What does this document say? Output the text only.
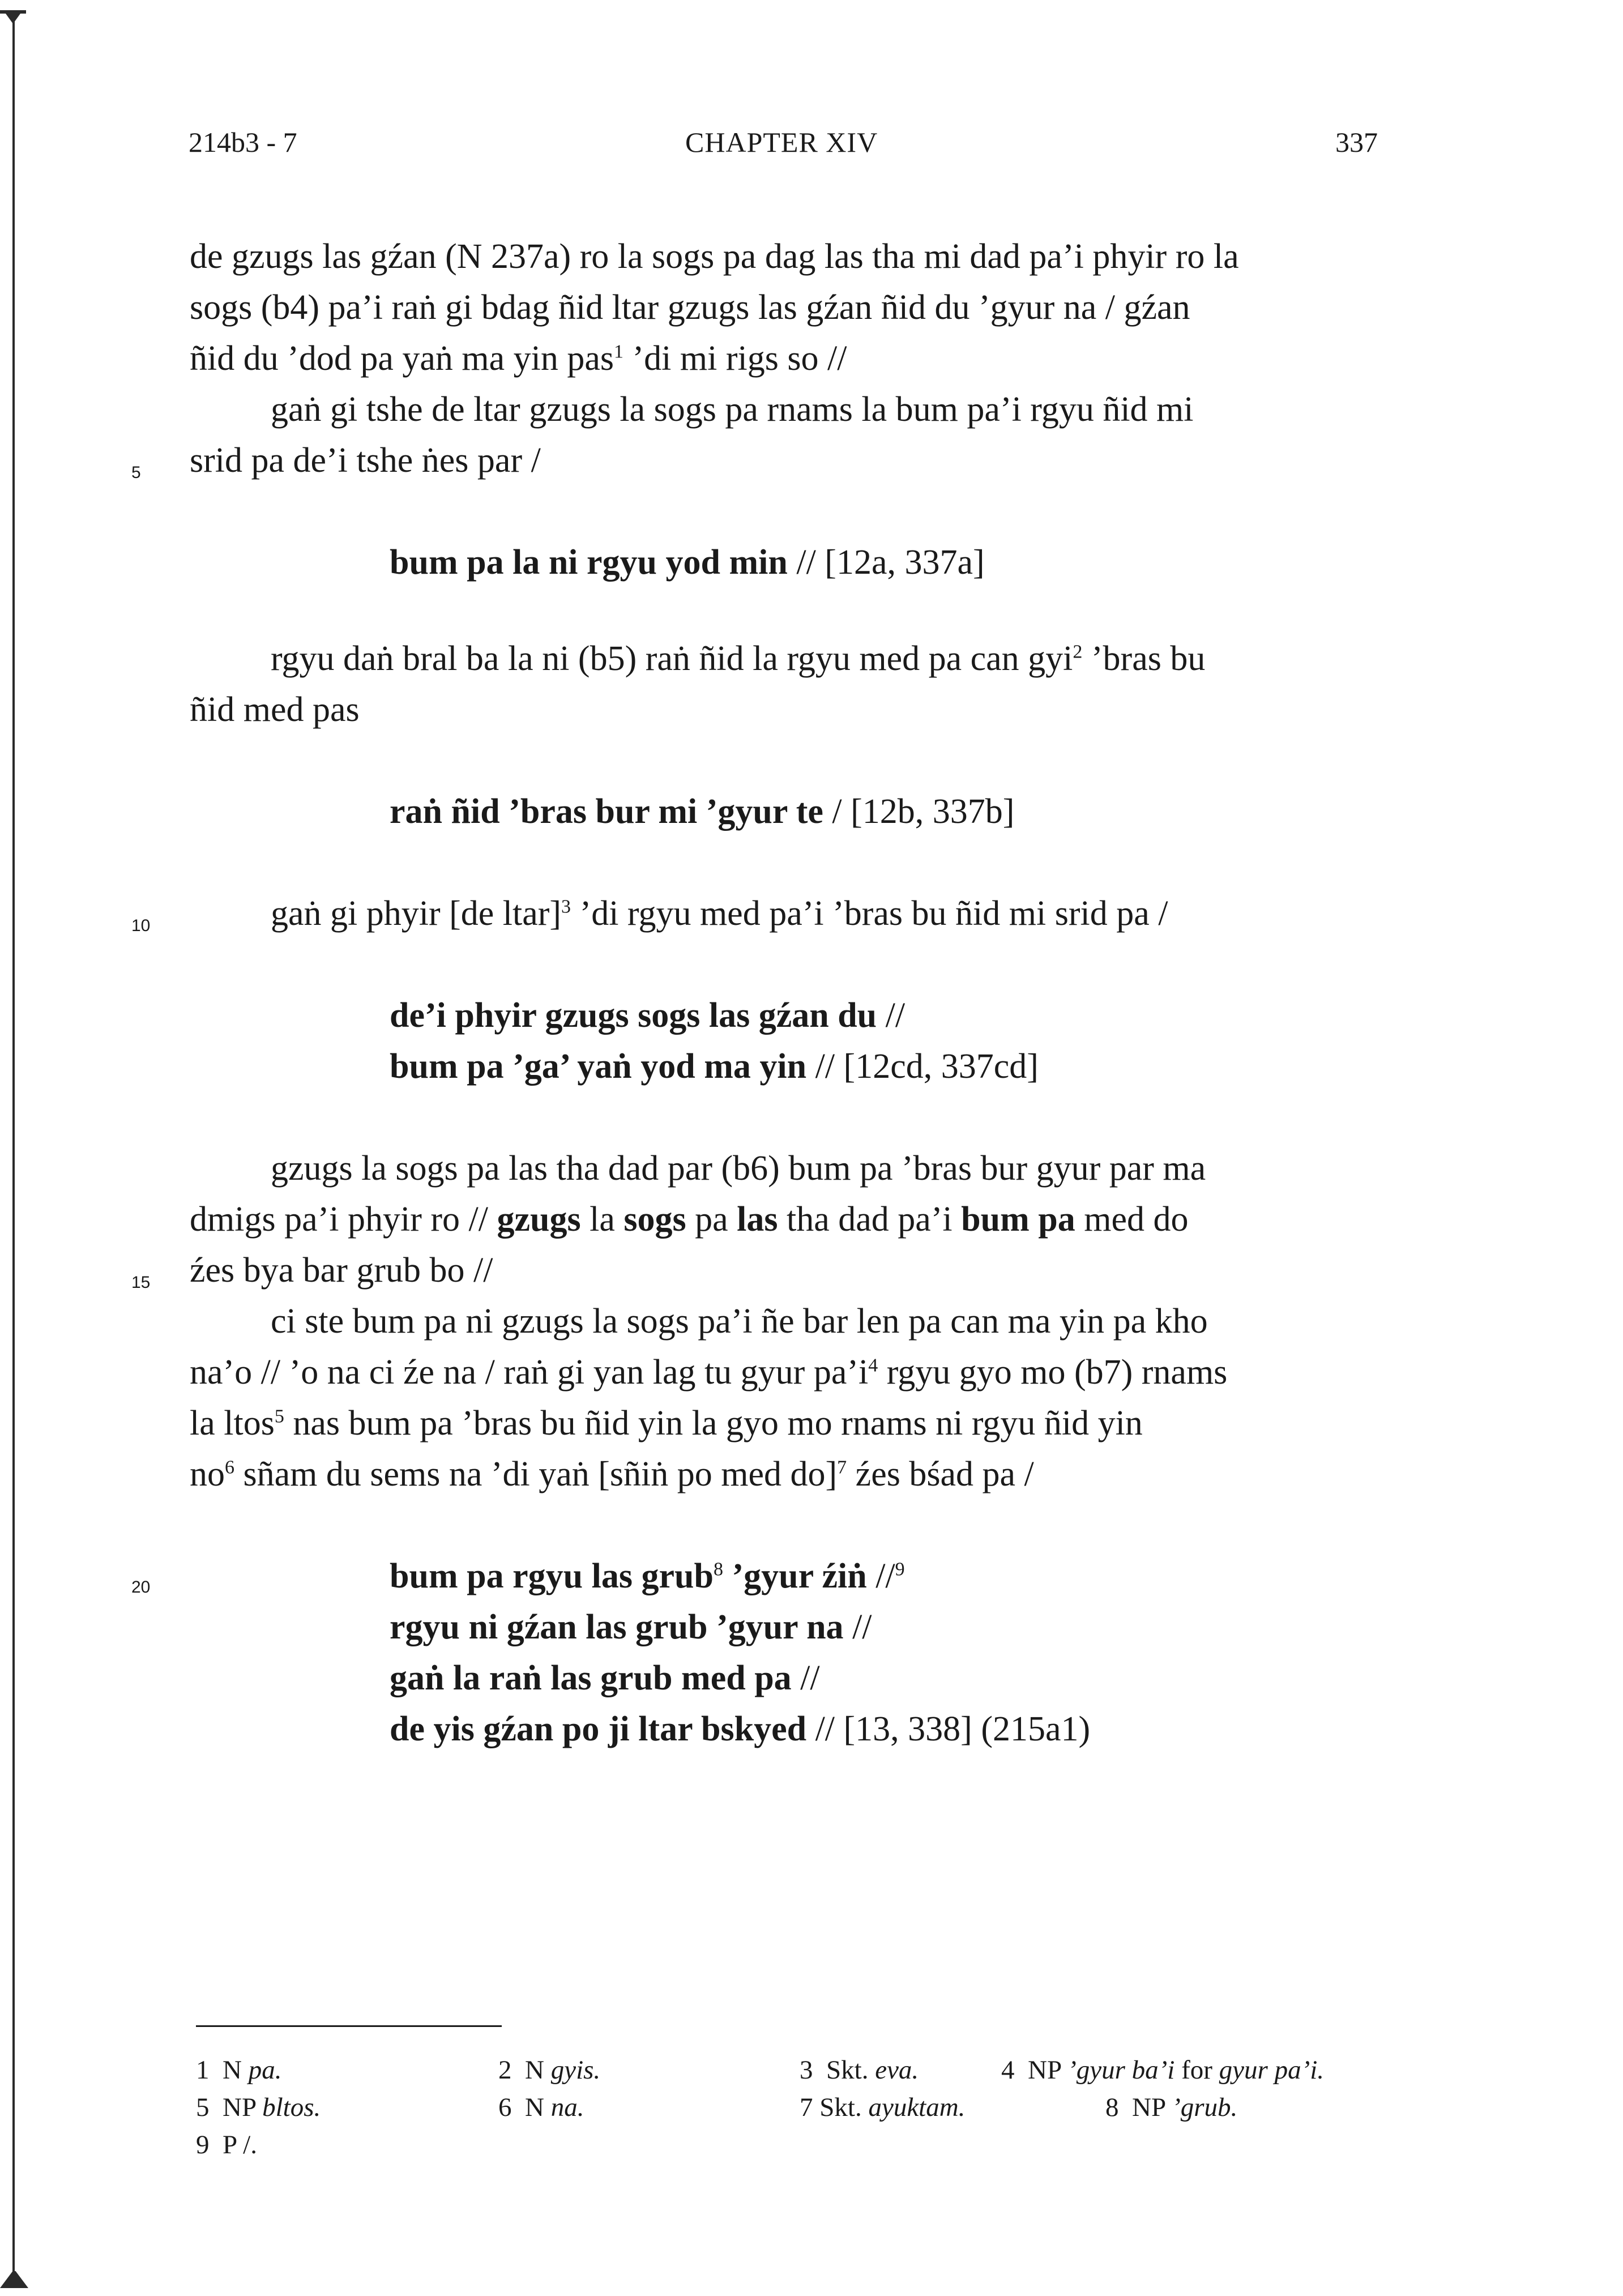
214b3 - 7	CHAPTER XIV	337
5
10
15
20
de gzugs las gźan (N 237a) ro la sogs pa dag las tha mi dad pa’i phyir ro la
sogs (b4) pa’i raṅ gi bdag ñid ltar gzugs las gźan ñid du ’gyur na / gźan
ñid du ’dod pa yaṅ ma yin pas$^1$ ’di mi rigs so //
gaṅ gi tshe de ltar gzugs la sogs pa rnams la bum pa’i rgyu ñid mi
srid pa de’i tshe ṅes par /
bum pa la ni rgyu yod min // [12a, 337a]
rgyu daṅ bral ba la ni (b5) raṅ ñid la rgyu med pa can gyi$^2$ ’bras bu
ñid med pas
raṅ ñid ’bras bur mi ’gyur te / [12b, 337b]
gaṅ gi phyir [de ltar]$^3$ ’di rgyu med pa’i ’bras bu ñid mi srid pa /
de’i phyir gzugs sogs las gźan du //
bum pa ’ga’ yaṅ yod ma yin // [12cd, 337cd]
gzugs la sogs pa las tha dad par (b6) bum pa ’bras bur gyur par ma
dmigs pa’i phyir ro // gzugs la sogs pa las tha dad pa’i bum pa med do
źes bya bar grub bo //
ci ste bum pa ni gzugs la sogs pa’i ñe bar len pa can ma yin pa kho
na’o // ’o na ci źe na / raṅ gi yan lag tu gyur $pa’i^4$ rgyu gyo mo (b7) rnams
la ltos$^5$ nas bum pa ’bras bu ñid yin la gyo mo rnams ni rgyu ñid yin
$no^6$ sñam du sems na ’di yaṅ [sñiṅ po med do]$^7$ źes bśad pa /
bum pa rgyu las grub$^8$ ’gyur źiṅ //$^9$
rgyu ni gźan las grub ’gyur na //
gaṅ la raṅ las grub med pa //
de yis gźan po ji ltar bskyed // [13, 338] (215a1)
1 N pa.	2 N gyis.	3 Skt. eva.	4 NP ’gyur ba’i for gyur pa’i.
5 NP bltos.	6 N na.	7 Skt. ayuktam.	8 NP ’grub.
9 P /.
